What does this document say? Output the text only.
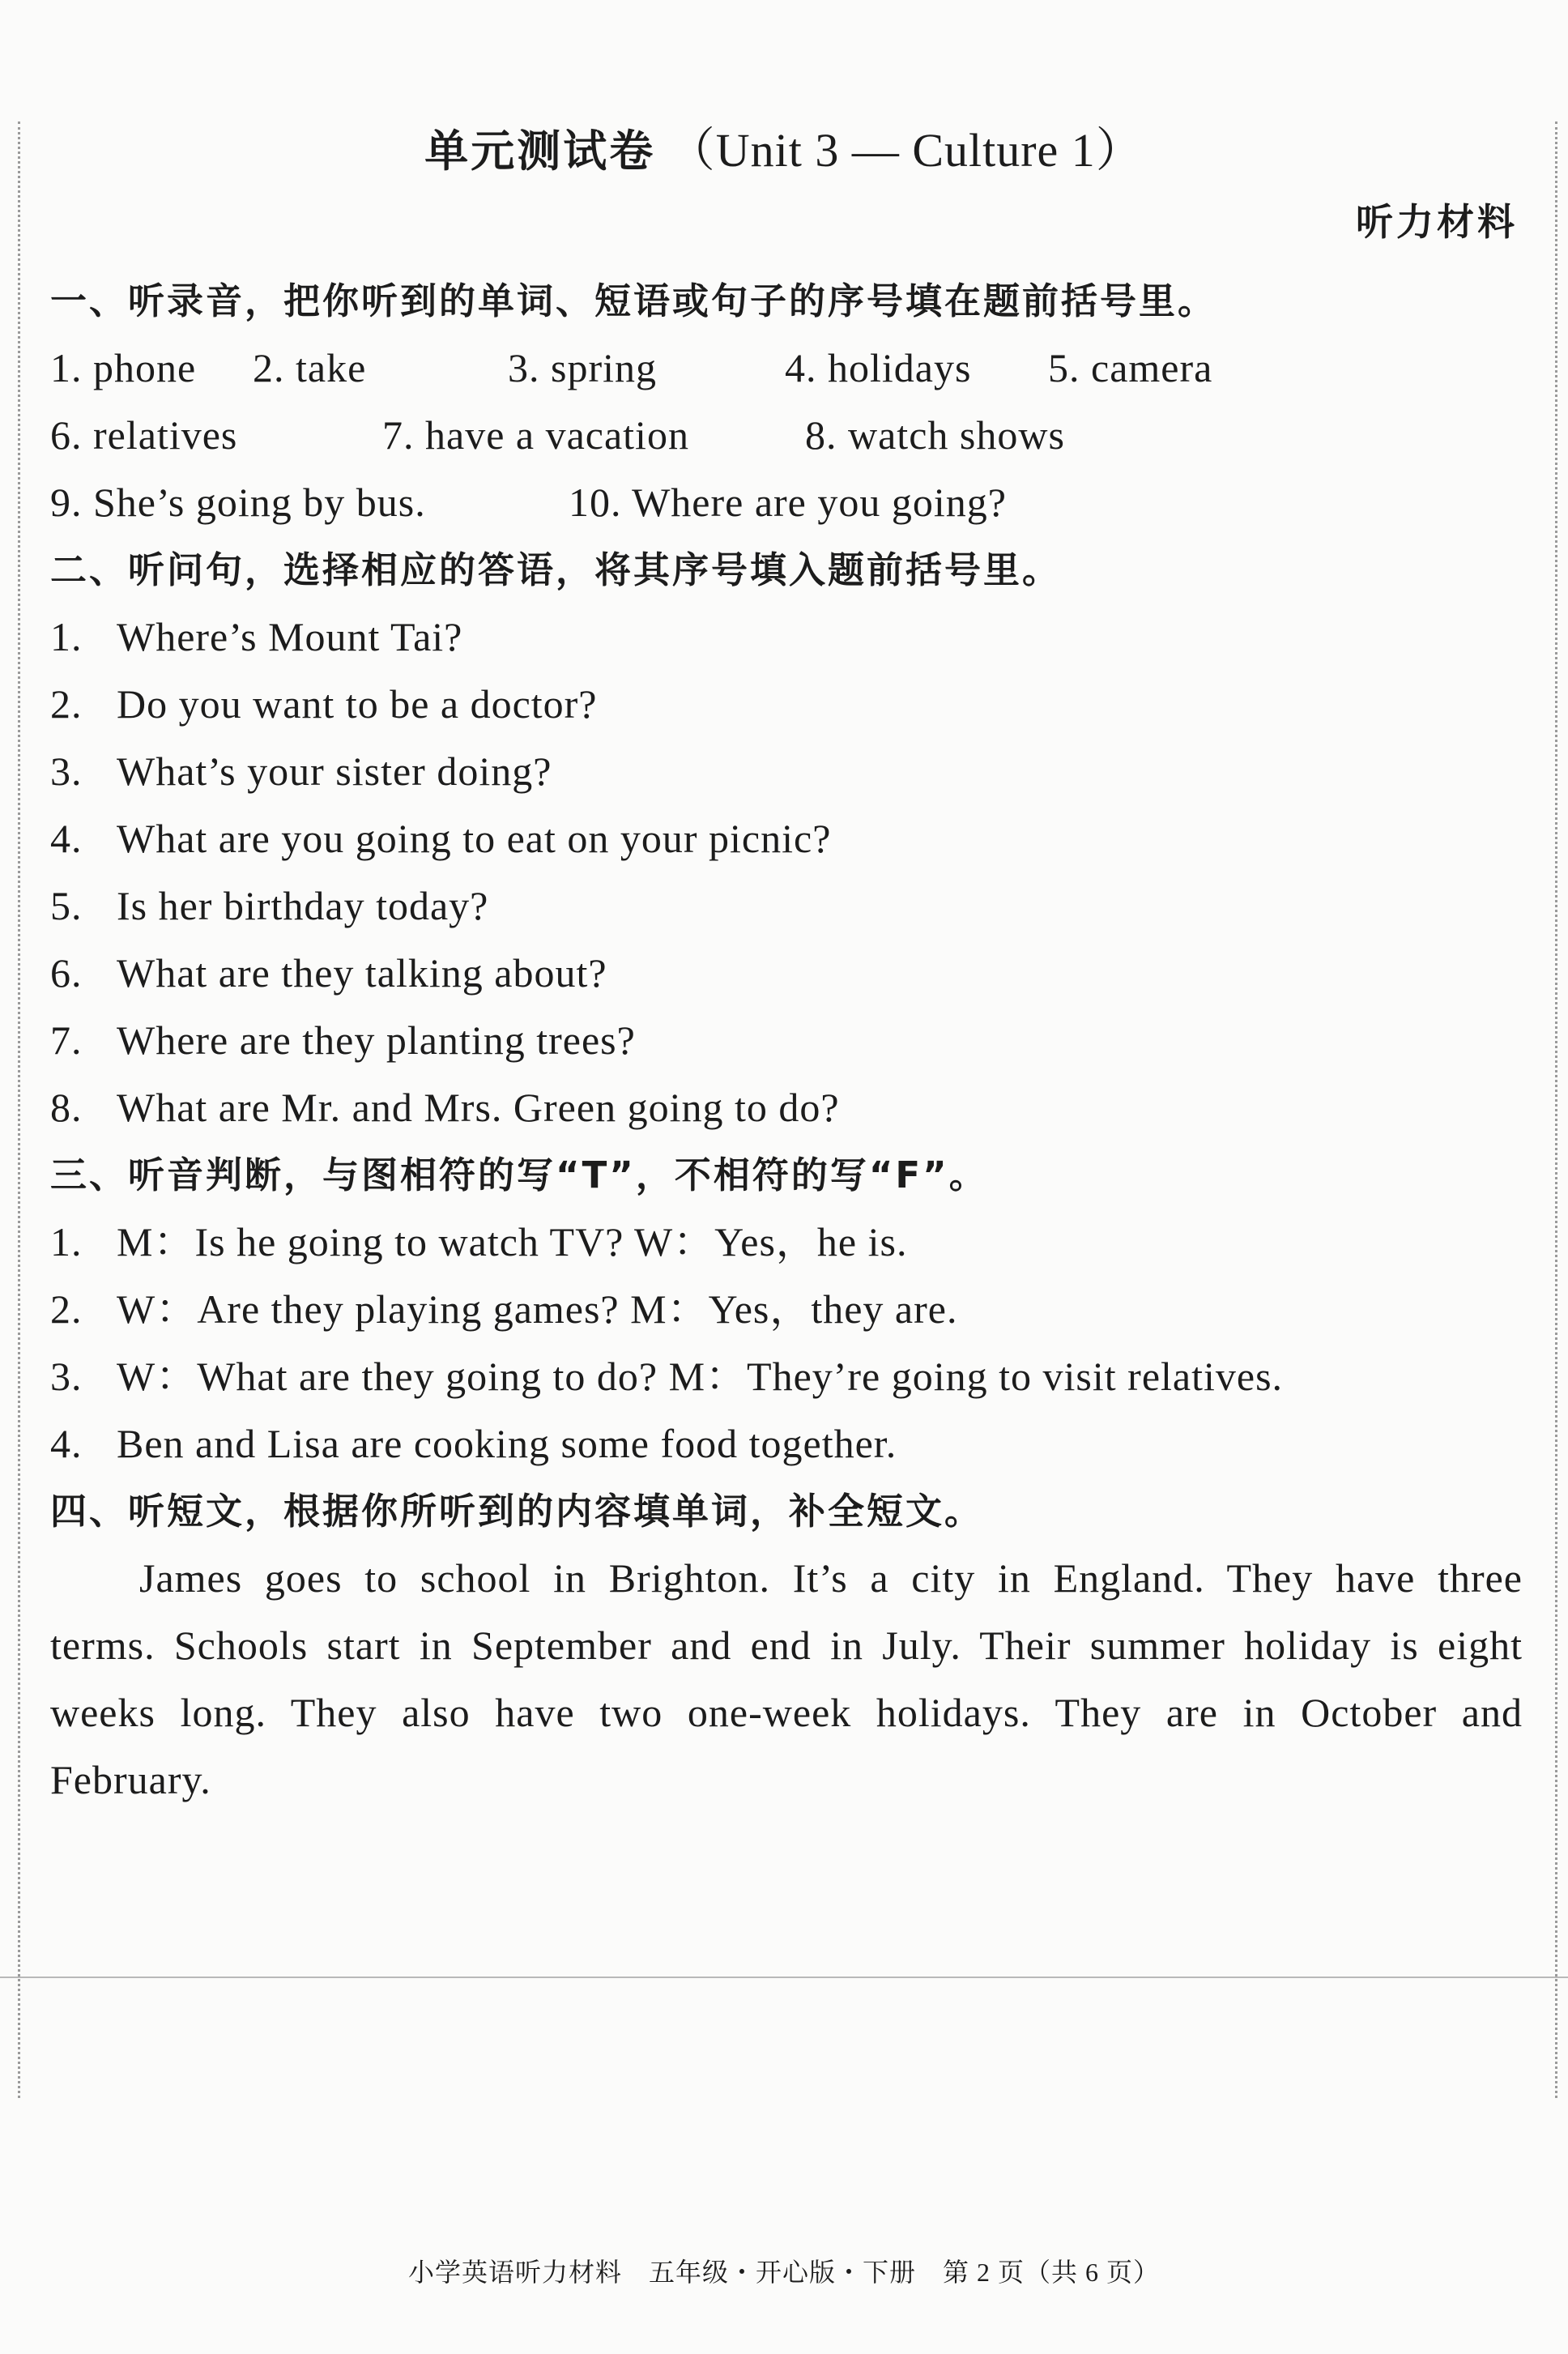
单元测试卷 （Unit 3 — Culture 1）
听力材料
一、听录音，把你听到的单词、短语或句子的序号填在题前括号里。
1. phone 2. take	3. spring	4. holidays 5. camera
6. relatives	7. have a vacation	8. watch shows
9. She’s going by bus.	10. Where are you going?
二、听问句，选择相应的答语，将其序号填入题前括号里。
1. Where’s Mount Tai?
2. Do you want to be a doctor?
3. What’s your sister doing?
4. What are you going to eat on your picnic?
5. Is her birthday today?
6. What are they talking about?
7. Where are they planting trees?
8. What are Mr. and Mrs. Green going to do?
三、听音判断，与图相符的写“T”，不相符的写“F”。
1. M：Is he going to watch TV? W：Yes，he is.
2. W：Are they playing games? M：Yes，they are.
3. W：What are they going to do? M：They’re going to visit relatives.
4. Ben and Lisa are cooking some food together.
四、听短文，根据你所听到的内容填单词，补全短文。
James goes to school in Brighton. It’s a city in England. They have three terms. Schools start in September and end in July. Their summer holiday is eight weeks long. They also have two one-week holidays. They are in October and February.
小学英语听力材料　五年级・开心版・下册　第 2 页（共 6 页）
